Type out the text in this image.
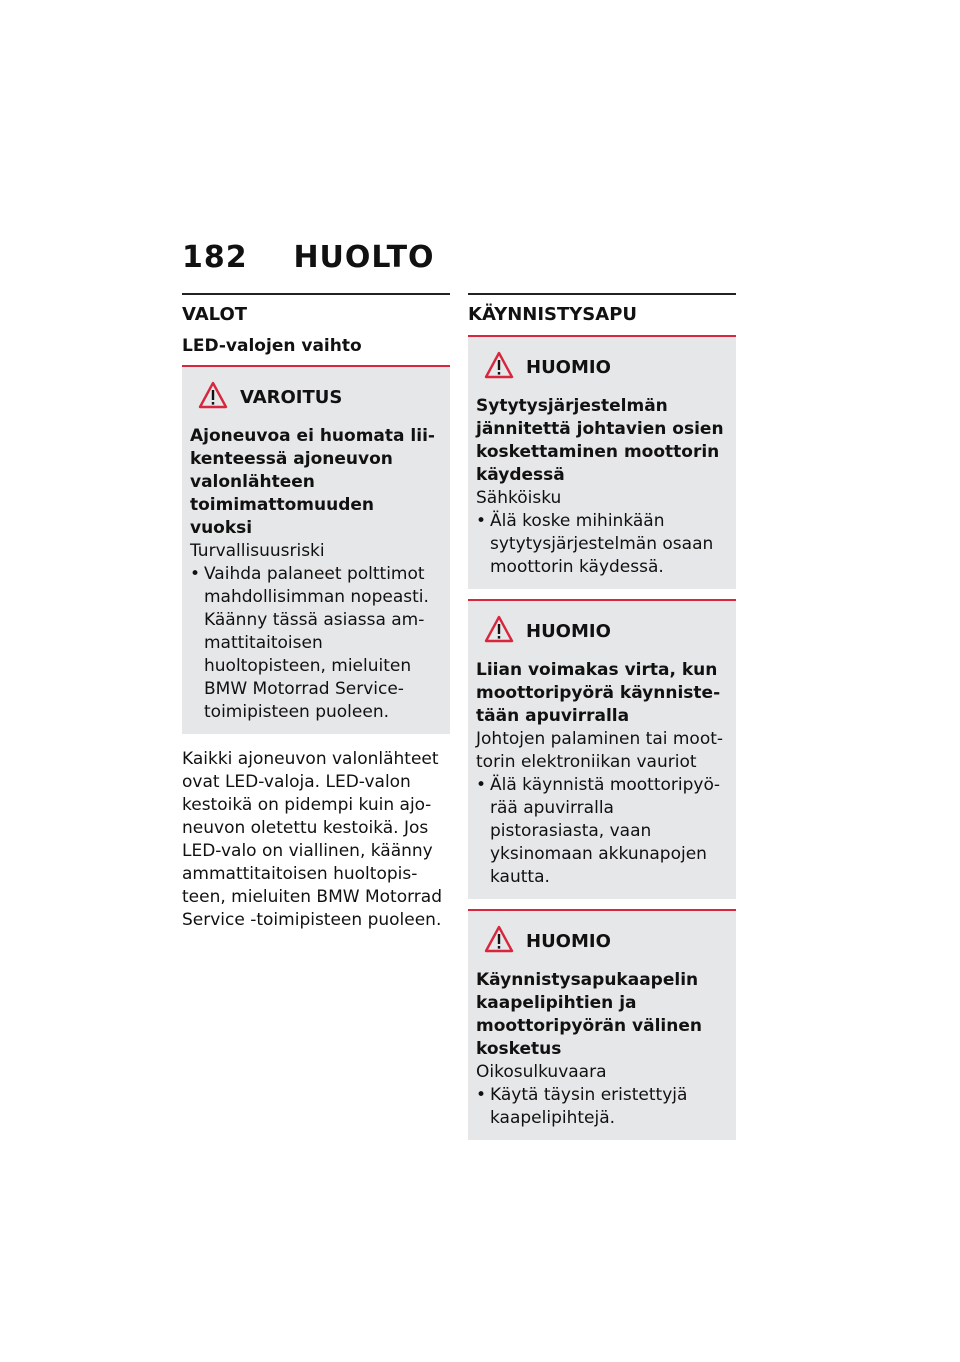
182 HUOLTO
VALOT
LED-valojen vaihto
VAROITUS
Ajoneuvoa ei huomata liikenteessä ajoneuvon valonlähteen toimimattomuuden vuoksi
Turvallisuusriski
• Vaihda palaneet polttimot mahdollisimman nopeasti. Käänny tässä asiassa ammattitaitoisen huoltopisteen, mieluiten BMW Motorrad Service-toimipisteen puoleen.
Kaikki ajoneuvon valonlähteet ovat LED-valoja. LED-valon kestoikä on pidempi kuin ajoneuvon oletettu kestoikä. Jos LED-valo on viallinen, käänny ammattitaitoisen huoltopisteen, mieluiten BMW Motorrad Service -toimipisteen puoleen.
KÄYNNISTYSAPU
HUOMIO
Sytytysjärjestelmän jännitettä johtavien osien koskettaminen moottorin käydessä
Sähköisku
• Älä koske mihinkään sytytysjärjestelmän osaan moottorin käydessä.
HUOMIO
Liian voimakas virta, kun moottoripyörä käynnistetään apuvirralla
Johtojen palaminen tai moottorin elektroniikan vauriot
• Älä käynnistä moottoripyörää apuvirralla pistorasiasta, vaan yksinomaan akkunapojen kautta.
HUOMIO
Käynnistysapukaapelin kaapelipihtien ja moottoripyörän välinen kosketus
Oikosulkuvaara
• Käytä täysin eristettyjä kaapelipihtejä.
